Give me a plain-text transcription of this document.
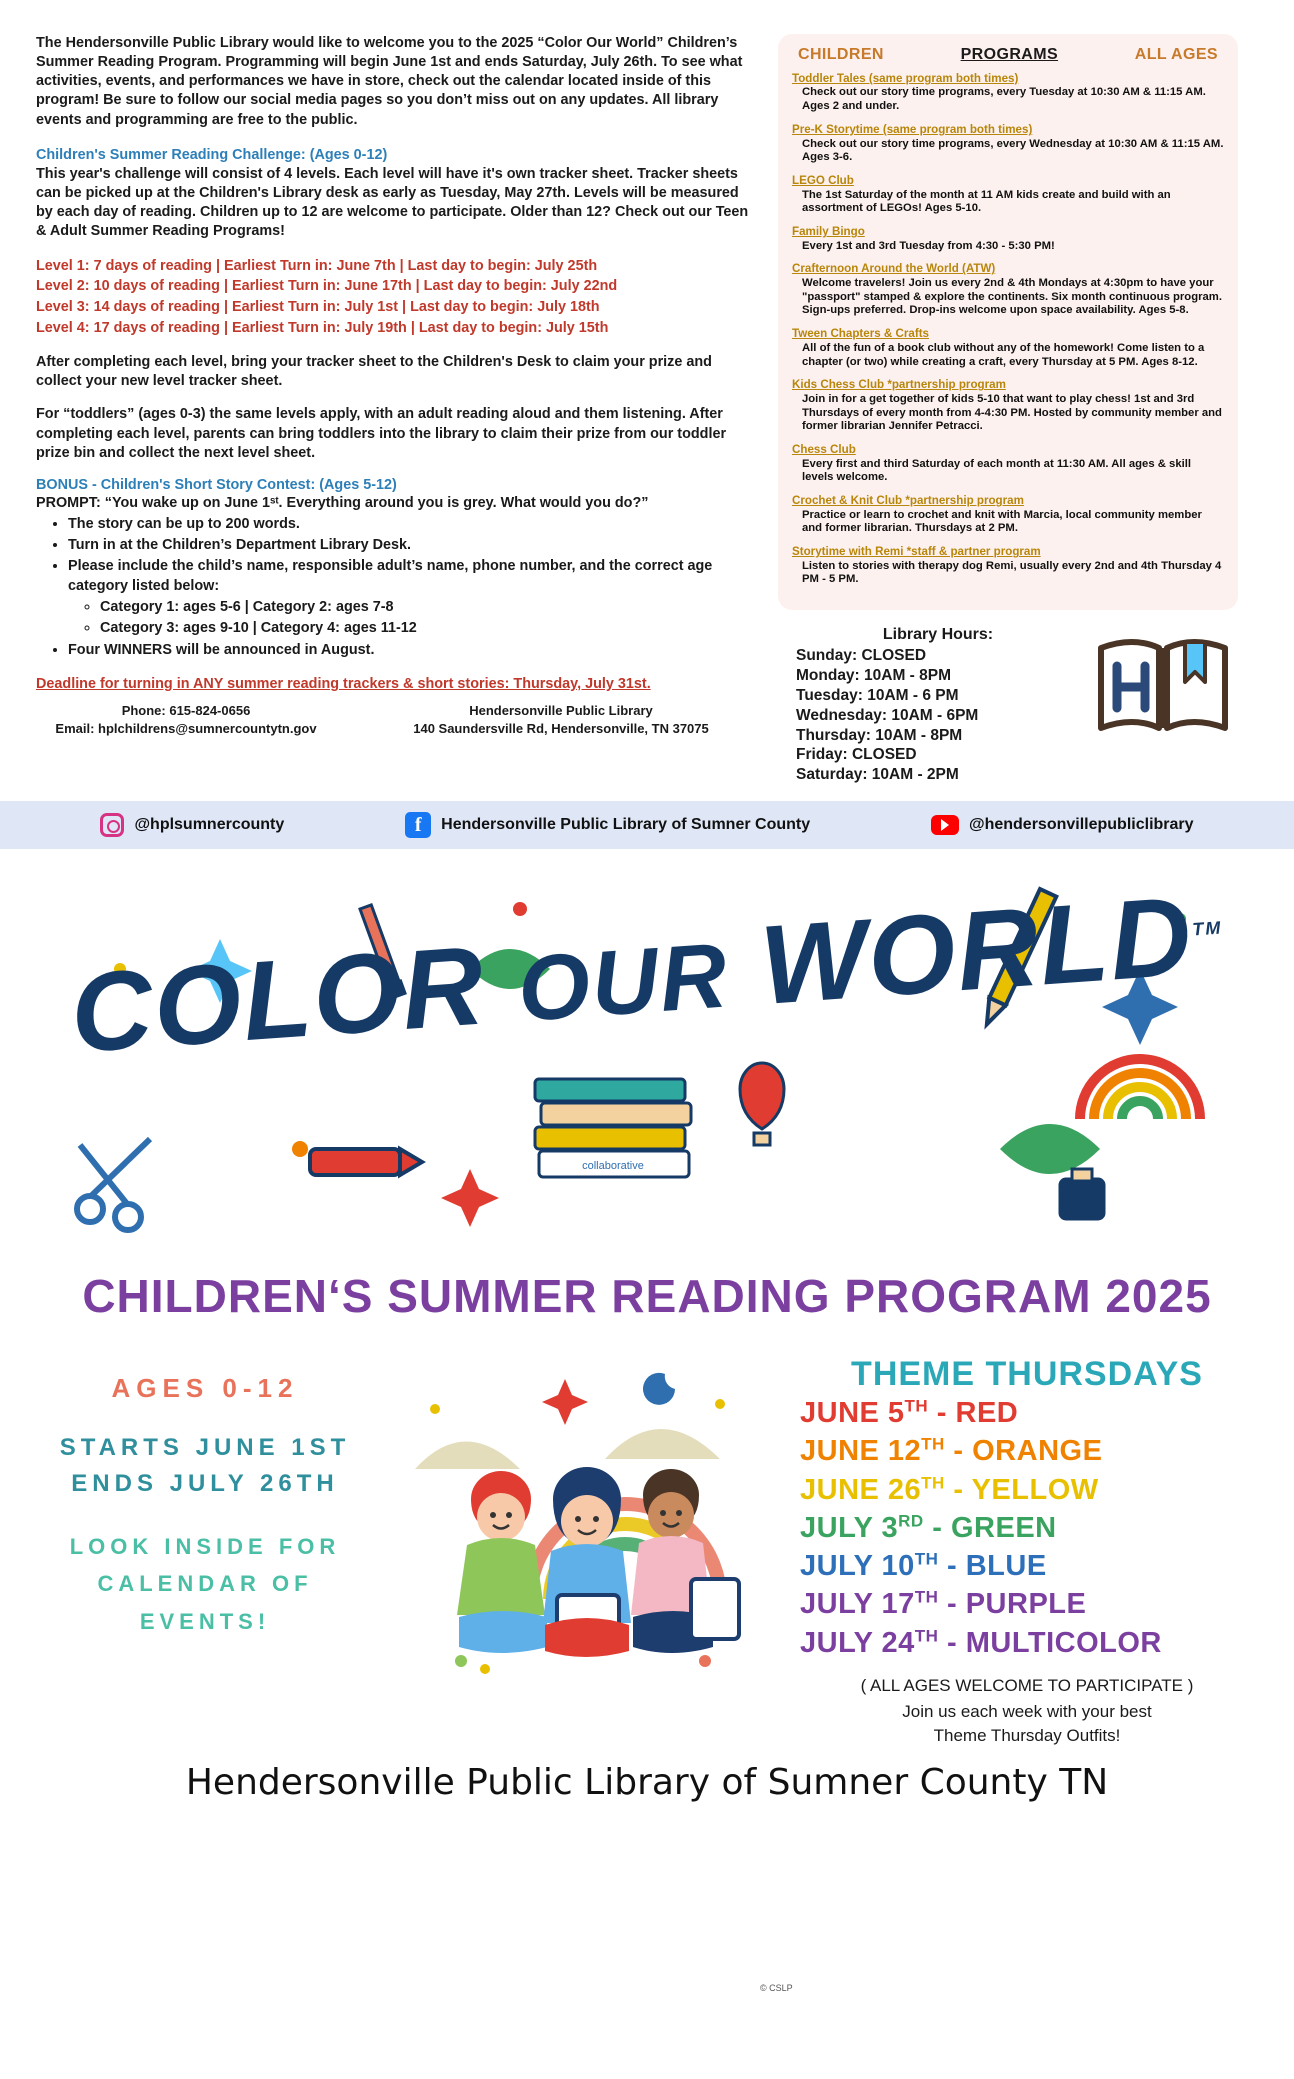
The Hendersonville Public Library would like to welcome you to the 2025 “Color Our World” Children’s Summer Reading Program. Programming will begin June 1st and ends Saturday, July 26th. To see what activities, events, and performances we have in store, check out the calendar located inside of this program! Be sure to follow our social media pages so you don’t miss out on any updates. All library events and programming are free to the public.

Children's Summer Reading Challenge: (Ages 0-12)

This year's challenge will consist of 4 levels. Each level will have it's own tracker sheet. Tracker sheets can be picked up at the Children's Library desk as early as Tuesday, May 27th. Levels will be measured by each day of reading. Children up to 12 are welcome to participate. Older than 12? Check out our Teen & Adult Summer Reading Programs!

Level 1: 7 days of reading | Earliest Turn in: June 7th | Last day to begin: July 25th
Level 2: 10 days of reading | Earliest Turn in: June 17th | Last day to begin: July 22nd
Level 3: 14 days of reading | Earliest Turn in: July 1st | Last day to begin: July 18th
Level 4: 17 days of reading | Earliest Turn in: July 19th | Last day to begin: July 15th

After completing each level, bring your tracker sheet to the Children's Desk to claim your prize and collect your new level tracker sheet.

For “toddlers” (ages 0-3) the same levels apply, with an adult reading aloud and them listening. After completing each level, parents can bring toddlers into the library to claim their prize from our toddler prize bin and collect the next level sheet.

BONUS - Children's Short Story Contest: (Ages 5-12)

PROMPT: “You wake up on June 1ˢᵗ. Everything around you is grey. What would you do?”

• The story can be up to 200 words.
• Turn in at the Children’s Department Library Desk.
• Please include the child’s name, responsible adult’s name, phone number, and the correct age category listed below:
◦ Category 1: ages 5-6 | Category 2: ages 7-8
◦ Category 3: ages 9-10 | Category 4: ages 11-12
• Four WINNERS will be announced in August.

Deadline for turning in ANY summer reading trackers & short stories: Thursday, July 31st.

Phone: 615-824-0656
Email: hplchildrens@sumnercountytn.gov
Hendersonville Public Library
140 Saundersville Rd, Hendersonville, TN 37075
CHILDREN	PROGRAMS	ALL AGES
Toddler Tales (same program both times)
Check out our story time programs, every Tuesday at 10:30 AM & 11:15 AM. Ages 2 and under.
Pre-K Storytime (same program both times)
Check out our story time programs, every Wednesday at 10:30 AM & 11:15 AM. Ages 3-6.
LEGO Club
The 1st Saturday of the month at 11 AM kids create and build with an assortment of LEGOs! Ages 5-10.
Family Bingo
Every 1st and 3rd Tuesday from 4:30 - 5:30 PM!
Crafternoon Around the World (ATW)
Welcome travelers! Join us every 2nd & 4th Mondays at 4:30pm to have your "passport" stamped & explore the continents. Six month continuous program. Sign-ups preferred. Drop-ins welcome upon space availability. Ages 5-8.
Tween Chapters & Crafts
All of the fun of a book club without any of the homework! Come listen to a chapter (or two) while creating a craft, every Thursday at 5 PM. Ages 8-12.
Kids Chess Club *partnership program
Join in for a get together of kids 5-10 that want to play chess! 1st and 3rd Thursdays of every month from 4-4:30 PM. Hosted by community member and former librarian Jennifer Petracci.
Chess Club
Every first and third Saturday of each month at 11:30 AM. All ages & skill levels welcome.
Crochet & Knit Club *partnership program
Practice or learn to crochet and knit with Marcia, local community member and former librarian. Thursdays at 2 PM.
Storytime with Remi *staff & partner program
Listen to stories with therapy dog Remi, usually every 2nd and 4th Thursday 4 PM - 5 PM.
Library Hours:
Sunday: CLOSED
Monday: 10AM - 8PM
Tuesday: 10AM - 6 PM
Wednesday: 10AM - 6PM
Thursday: 10AM - 8PM
Friday: CLOSED
Saturday: 10AM - 2PM
@hplsumnercounty	f	Hendersonville Public Library of Sumner County	@hendersonvillepubliclibrary
collaborative
COLOR OUR WORLD™
CHILDREN‘S SUMMER READING PROGRAM 2025
AGES 0-12
STARTS JUNE 1ST
ENDS JULY 26TH
LOOK INSIDE FOR
CALENDAR OF
EVENTS!
THEME THURSDAYS
JUNE 5TH - RED
JUNE 12TH - ORANGE
JUNE 26TH - YELLOW
JULY 3RD - GREEN
JULY 10TH - BLUE
JULY 17TH - PURPLE
JULY 24TH - MULTICOLOR
( ALL AGES WELCOME TO PARTICIPATE )
Join us each week with your best
Theme Thursday Outfits!
© CSLP
Hendersonville Public Library of Sumner County TN
